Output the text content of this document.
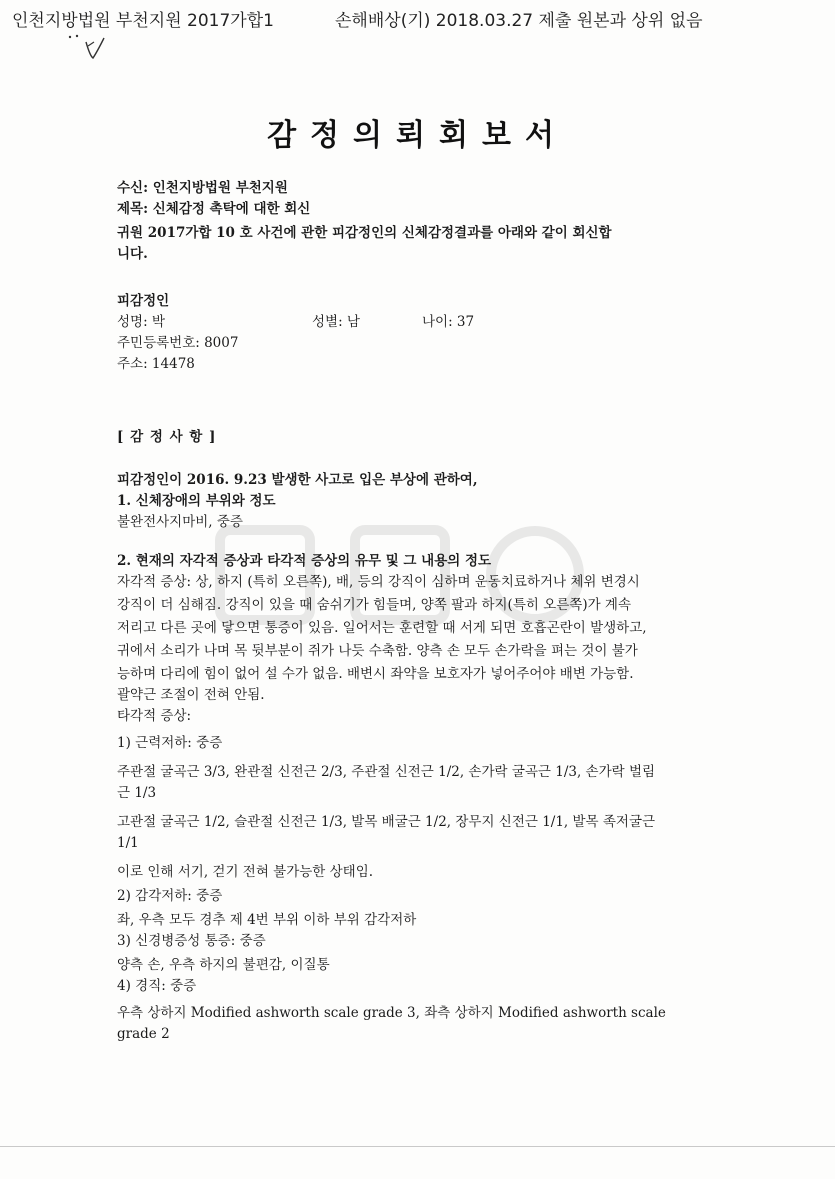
인천지방법원 부천지원 2017가합1	손해배상(기) 2018.03.27 제출 원본과 상위 없음
감정의뢰회보서
수신: 인천지방법원 부천지원
제목: 신체감정 촉탁에 대한 회신
귀원 2017가합 10 호 사건에 관한 피감정인의 신체감정결과를 아래와 같이 회신합
니다.
피감정인
성명: 박	성별: 남	나이: 37
주민등록번호: 8007
주소: 14478
[ 감 정 사 항 ]
피감정인이 2016. 9.23 발생한 사고로 입은 부상에 관하여,
1. 신체장애의 부위와 정도
불완전사지마비, 중증
2. 현재의 자각적 증상과 타각적 증상의 유무 및 그 내용의 정도
자각적 증상: 상, 하지 (특히 오른쪽), 배, 등의 강직이 심하며 운동치료하거나 체위 변경시
강직이 더 심해짐. 강직이 있을 때 숨쉬기가 힘들며, 양쪽 팔과 하지(특히 오른쪽)가 계속
저리고 다른 곳에 닿으면 통증이 있음. 일어서는 훈련할 때 서게 되면 호흡곤란이 발생하고,
귀에서 소리가 나며 목 뒷부분이 쥐가 나듯 수축함. 양측 손 모두 손가락을 펴는 것이 불가
능하며 다리에 힘이 없어 설 수가 없음. 배변시 좌약을 보호자가 넣어주어야 배변 가능함.
괄약근 조절이 전혀 안됨.
타각적 증상:
1) 근력저하: 중증
주관절 굴곡근 3/3, 완관절 신전근 2/3, 주관절 신전근 1/2, 손가락 굴곡근 1/3, 손가락 벌림
근 1/3
고관절 굴곡근 1/2, 슬관절 신전근 1/3, 발목 배굴근 1/2, 장무지 신전근 1/1, 발목 족저굴근
1/1
이로 인해 서기, 걷기 전혀 불가능한 상태임.
2) 감각저하: 중증
좌, 우측 모두 경추 제 4번 부위 이하 부위 감각저하
3) 신경병증성 통증: 중증
양측 손, 우측 하지의 불편감, 이질통
4) 경직: 중증
우측 상하지 Modified ashworth scale grade 3, 좌측 상하지 Modified ashworth scale
grade 2
